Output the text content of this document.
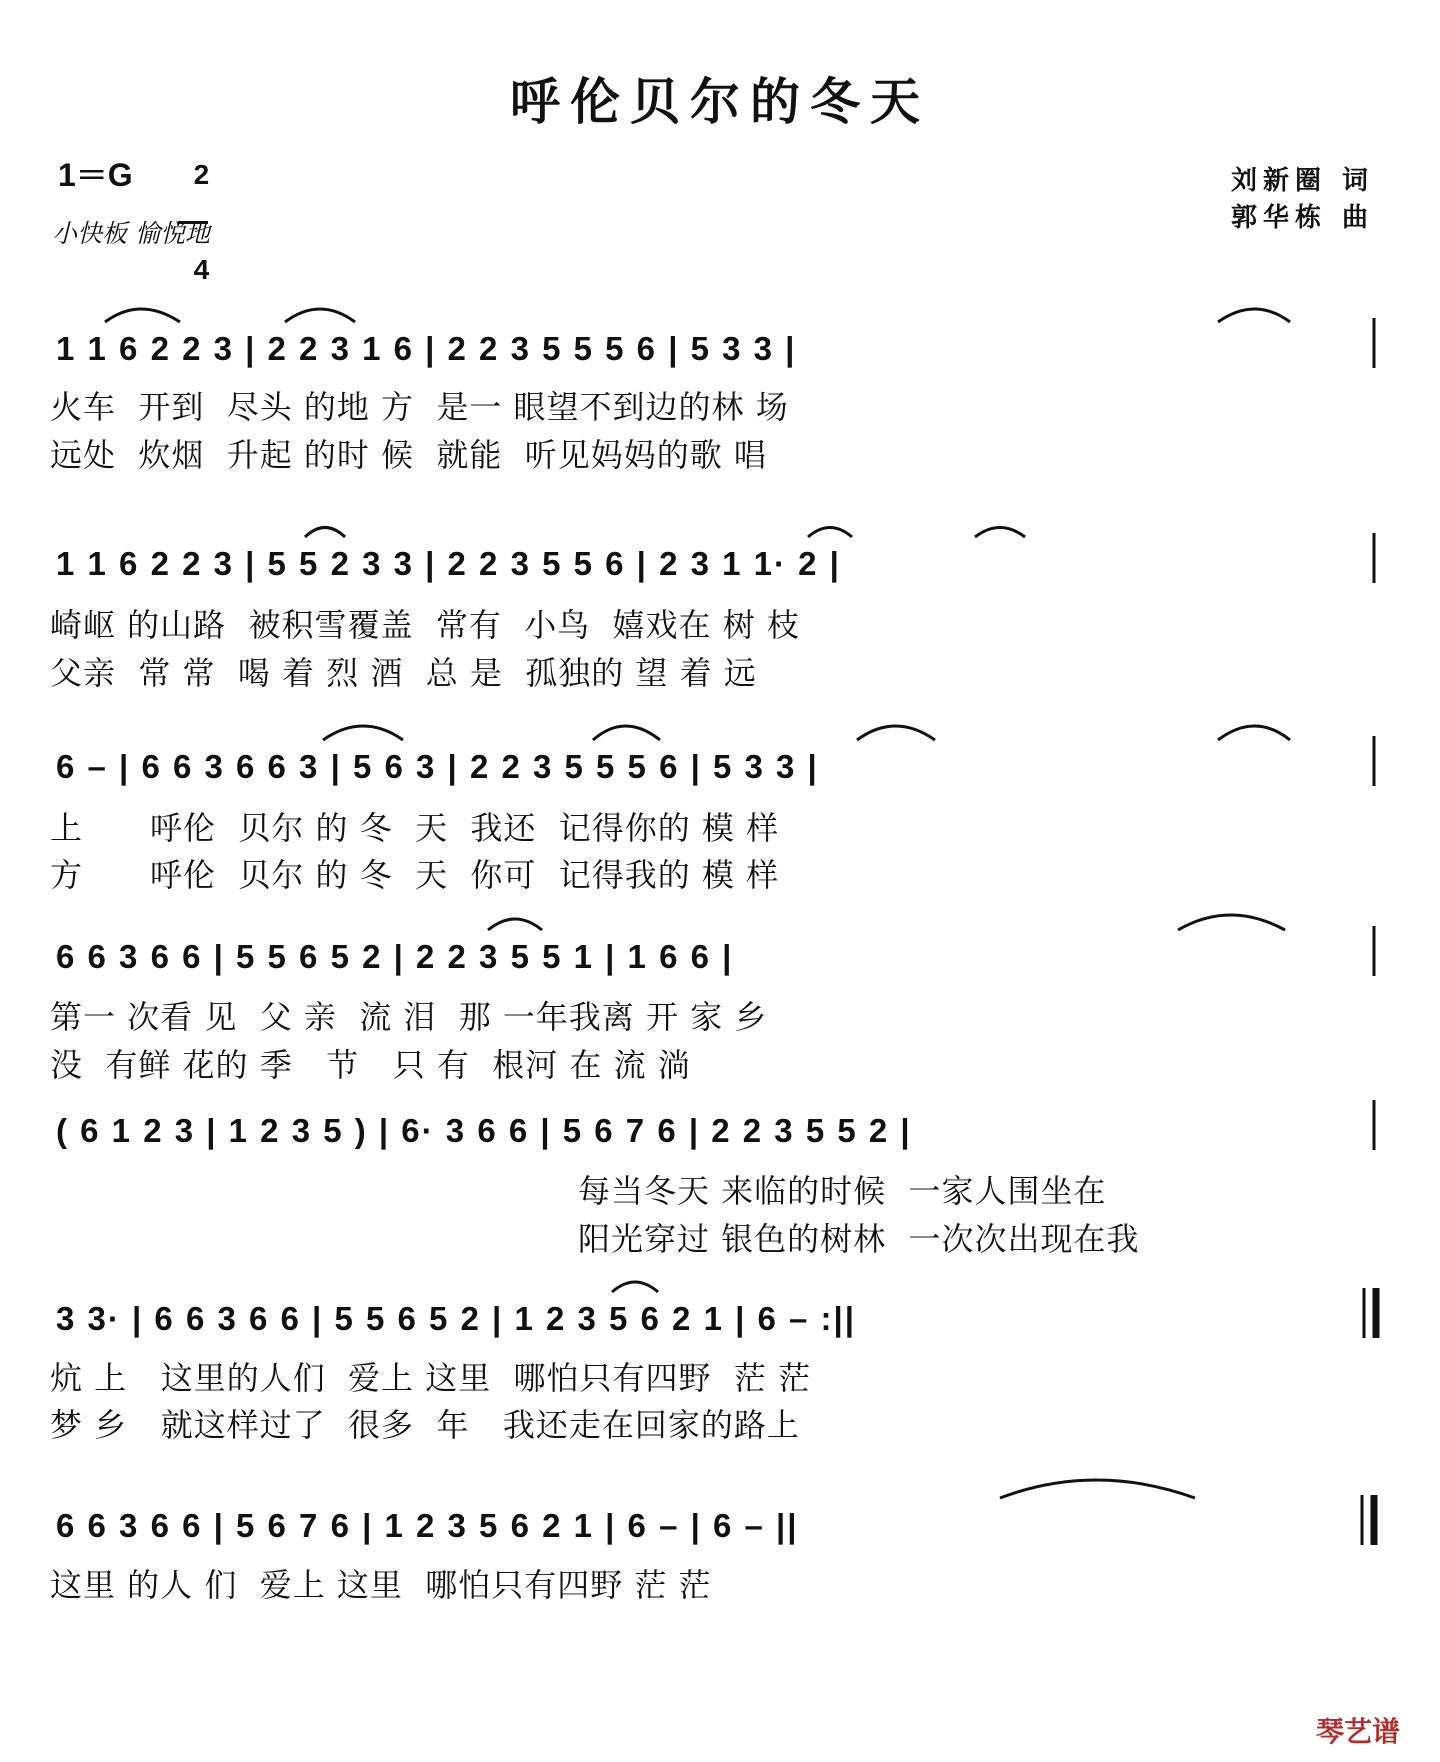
呼伦贝尔的冬天
1＝G	2

4

小快板 愉悦地
刘新圈 词
郭华栋 曲
1 1 6 2 2 3 | 2 2 3 1 6 | 2 2 3 5 5 5 6 | 5 3 3 |
火车  开到  尽头 的地 方  是一 眼望不到边的林 场
远处  炊烟  升起 的时 候  就能  听见妈妈的歌 唱
1 1 6 2 2 3 | 5 5 2 3 3 | 2 2 3 5 5 6 | 2 3 1 1· 2 |
崎岖 的山路  被积雪覆盖  常有  小鸟  嬉戏在 树 枝
父亲  常 常  喝 着 烈 酒  总 是  孤独的 望 着 远
6 – | 6 6 3 6 6 3 | 5 6 3 | 2 2 3 5 5 5 6 | 5 3 3 |
上      呼伦  贝尔 的 冬  天  我还  记得你的 模 样
方      呼伦  贝尔 的 冬  天  你可  记得我的 模 样
6 6 3 6 6 | 5 5 6 5 2 | 2 2 3 5 5 1 | 1 6 6 |
第一 次看 见  父 亲  流 泪  那 一年我离 开 家 乡
没  有鲜 花的 季   节   只 有  根河 在 流 淌
( 6 1 2 3 | 1 2 3 5 ) | 6· 3 6 6 | 5 6 7 6 | 2 2 3 5 5 2 |
每当冬天 来临的时候  一家人围坐在
阳光穿过 银色的树林  一次次出现在我
3 3· | 6 6 3 6 6 | 5 5 6 5 2 | 1 2 3 5 6 2 1 | 6 – :||
炕 上   这里的人们  爱上 这里  哪怕只有四野  茫 茫
梦 乡   就这样过了  很多  年   我还走在回家的路上
6 6 3 6 6 | 5 6 7 6 | 1 2 3 5 6 2 1 | 6 – | 6 – ||
这里 的人 们  爱上 这里  哪怕只有四野 茫 茫
琴艺谱
